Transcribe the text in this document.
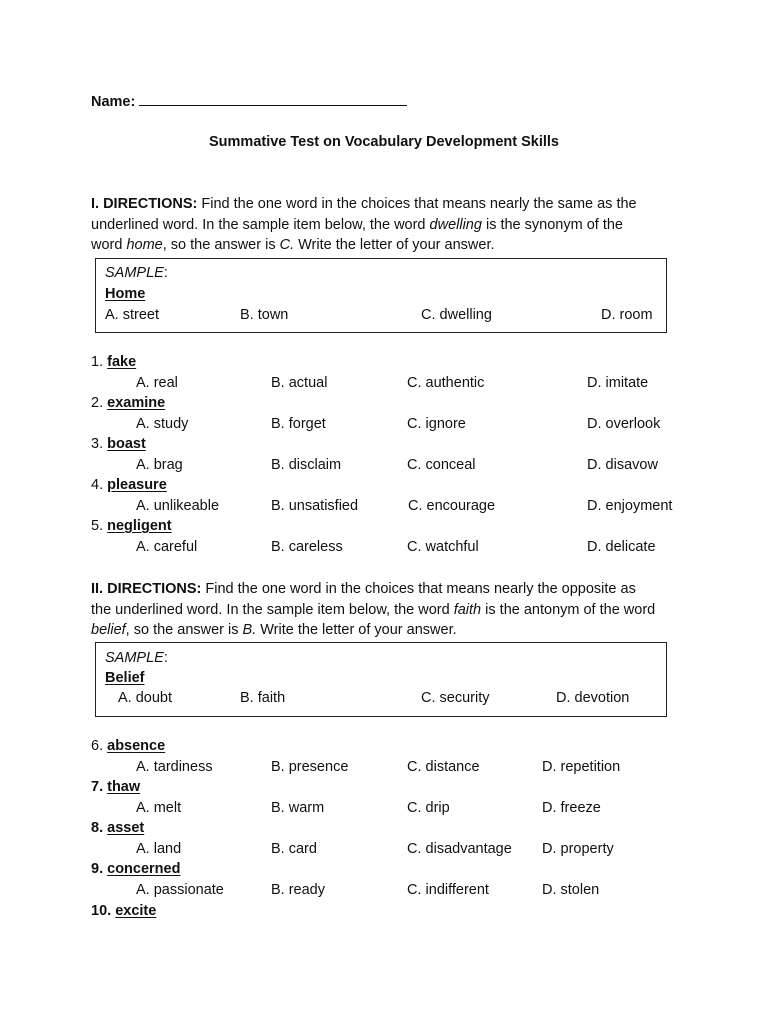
Name:
Summative Test on Vocabulary Development Skills
I. DIRECTIONS: Find the one word in the choices that means nearly the same as the
underlined word. In the sample item below, the word dwelling is the synonym of the
word home, so the answer is C. Write the letter of your answer.
SAMPLE:
Home
A. street	B. town	C. dwelling	D. room
1. fake
A. real	B. actual	C. authentic	D. imitate
2. examine
A. study	B. forget	C. ignore	D. overlook
3. boast
A. brag	B. disclaim	C. conceal	D. disavow
4. pleasure
A. unlikeable	B. unsatisfied	C. encourage	D. enjoyment
5. negligent
A. careful	B. careless	C. watchful	D. delicate
II. DIRECTIONS: Find the one word in the choices that means nearly the opposite as
the underlined word. In the sample item below, the word faith is the antonym of the word
belief, so the answer is B. Write the letter of your answer.
SAMPLE:
Belief
A. doubt	B. faith	C. security	D. devotion
6. absence
A. tardiness	B. presence	C. distance	D. repetition
7. thaw
A. melt	B. warm	C. drip	D. freeze
8. asset
A. land	B. card	C. disadvantage D. property
9. concerned
A. passionate	B. ready	C. indifferent	D. stolen
10. excite
